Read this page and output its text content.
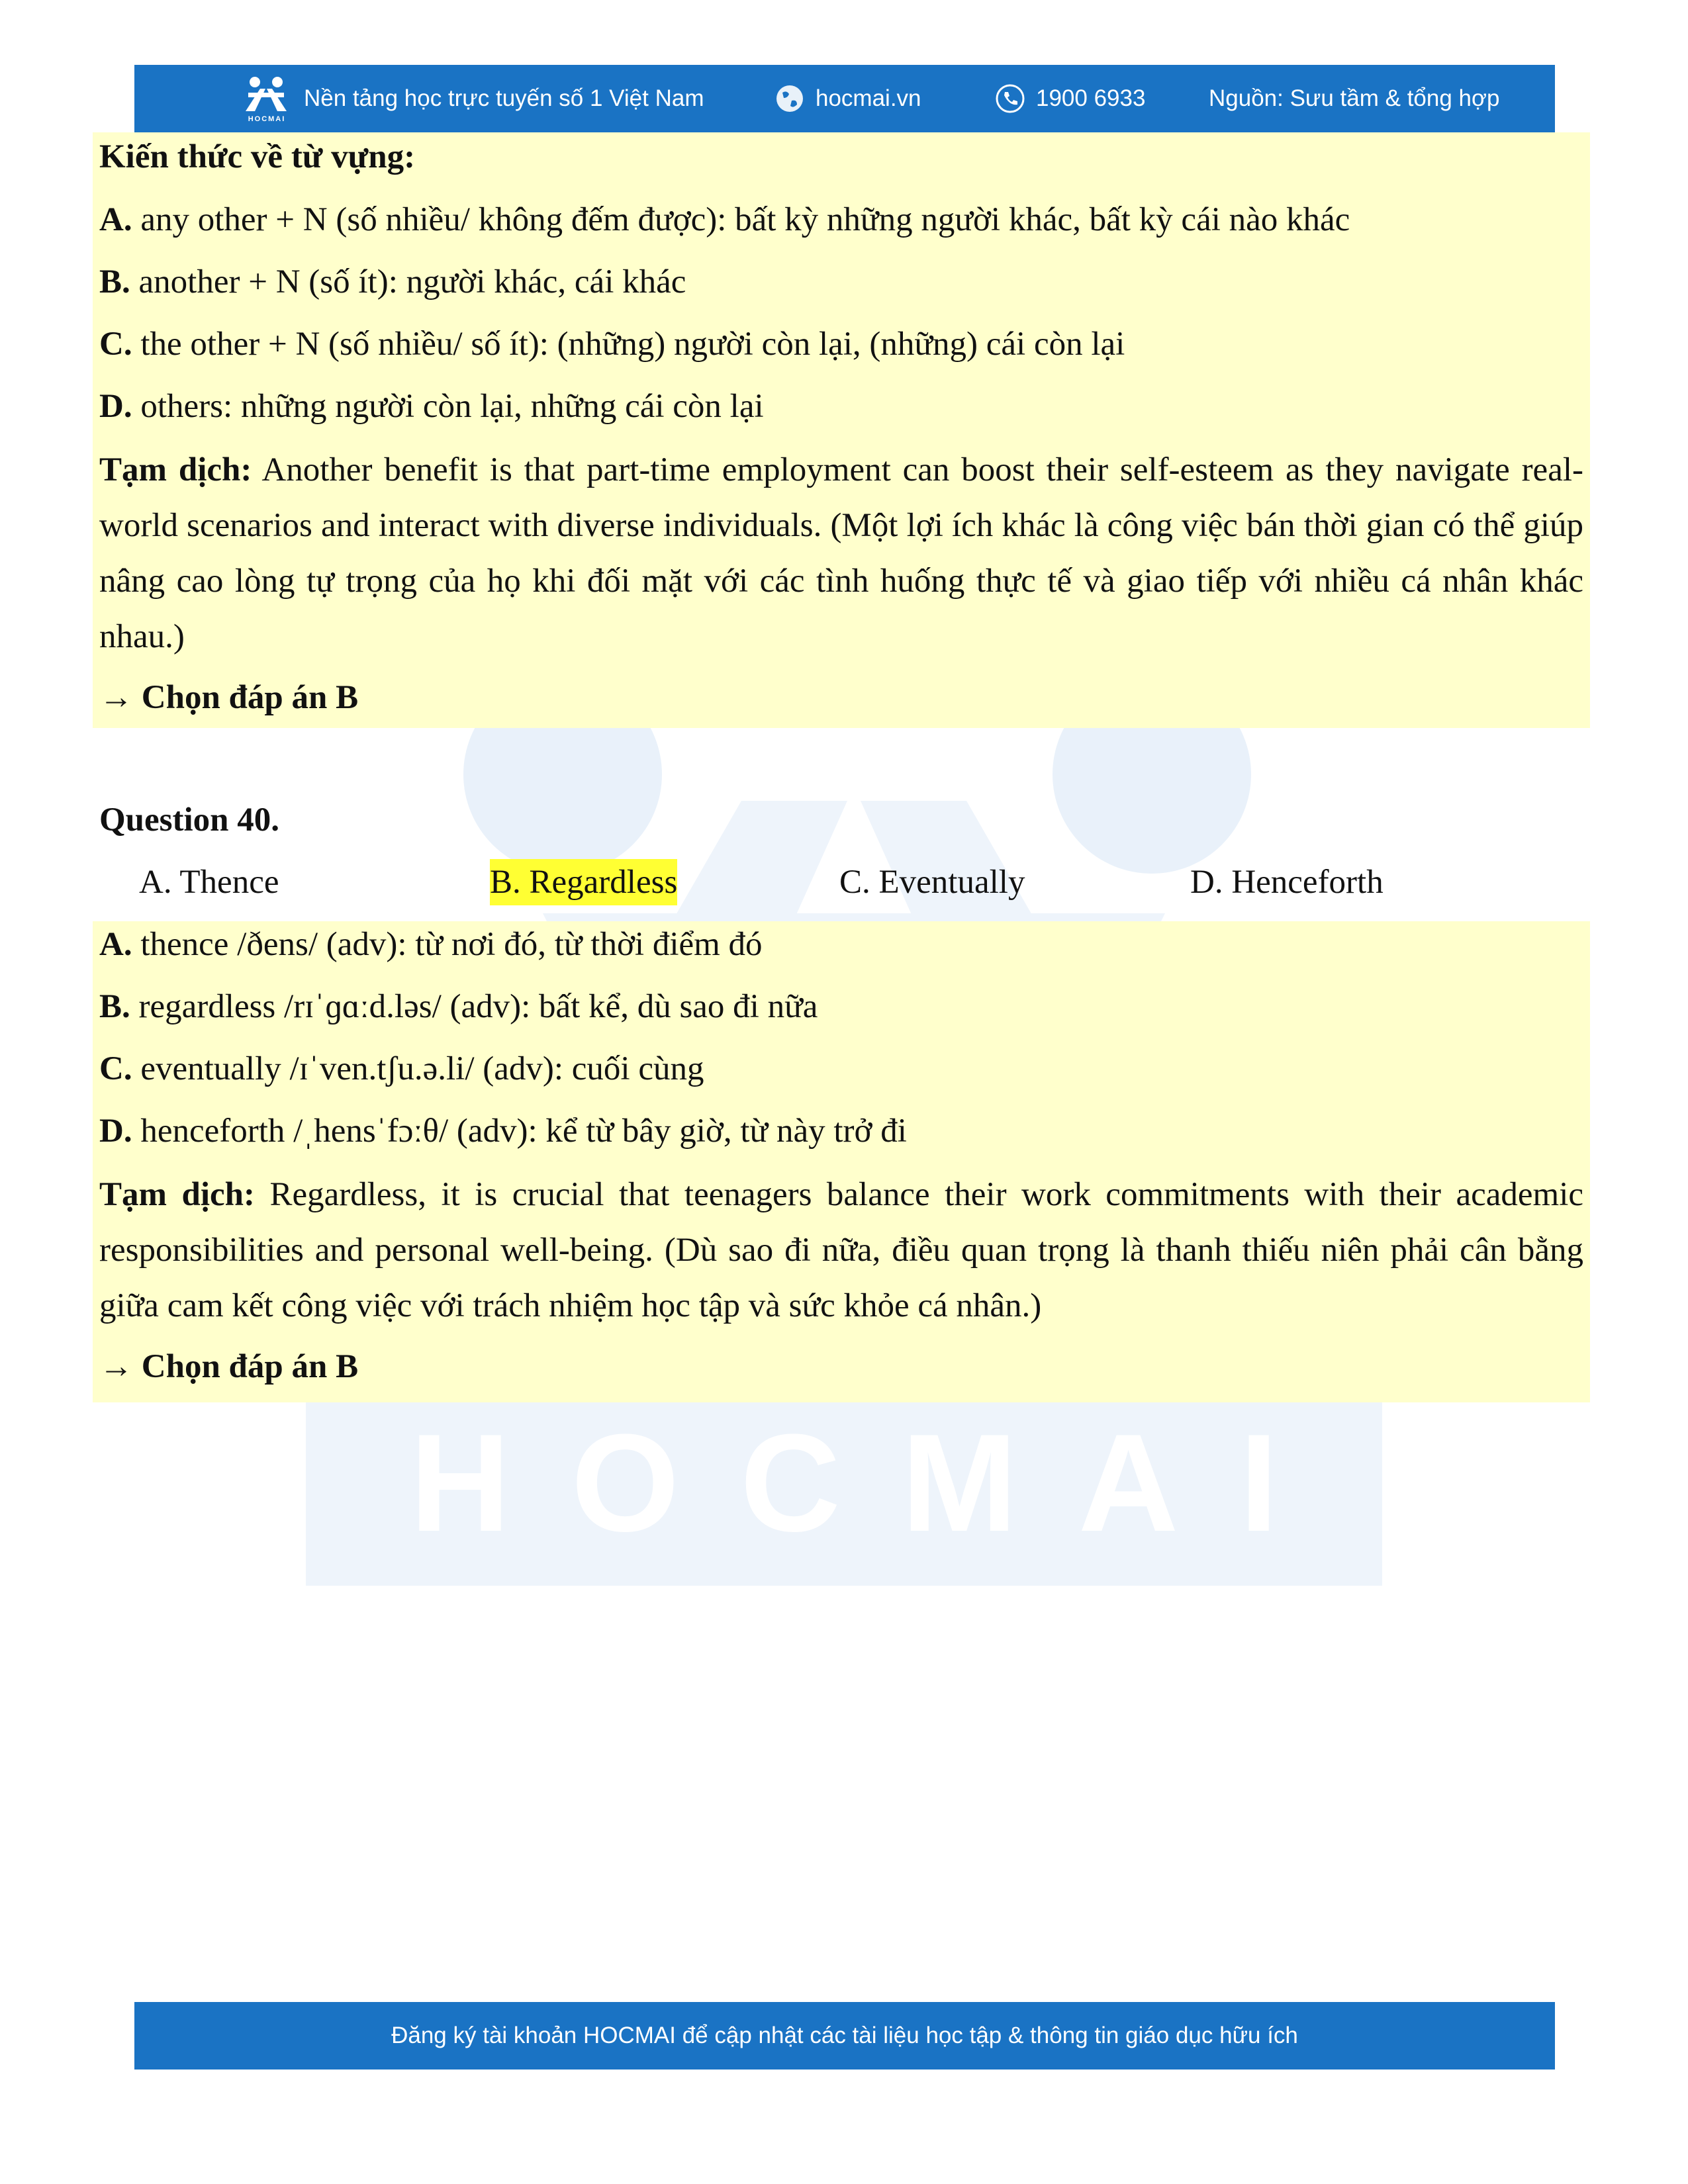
HOCMAI
HOCMAI
Nền tảng học trực tuyến số 1 Việt Nam	hocmai.vn	1900 6933	Nguồn: Sưu tầm & tổng hợp
Kiến thức về từ vựng:
A. any other + N (số nhiều/ không đếm được): bất kỳ những người khác, bất kỳ cái nào khác
B. another + N (số ít): người khác, cái khác
C. the other + N (số nhiều/ số ít): (những) người còn lại, (những) cái còn lại
D. others: những người còn lại, những cái còn lại
Tạm dịch: Another benefit is that part-time employment can boost their self-esteem as they navigate real-world scenarios and interact with diverse individuals. (Một lợi ích khác là công việc bán thời gian có thể giúp nâng cao lòng tự trọng của họ khi đối mặt với các tình huống thực tế và giao tiếp với nhiều cá nhân khác nhau.)
→ Chọn đáp án B
Question 40.
A. Thence	B. Regardless	C. Eventually	D. Henceforth
A. thence /ðens/ (adv): từ nơi đó, từ thời điểm đó
B. regardless /rɪˈɡɑːd.ləs/ (adv): bất kể, dù sao đi nữa
C. eventually /ɪˈven.tʃu.ə.li/ (adv): cuối cùng
D. henceforth /ˌhensˈfɔːθ/ (adv): kể từ bây giờ, từ này trở đi
Tạm dịch: Regardless, it is crucial that teenagers balance their work commitments with their academic responsibilities and personal well-being. (Dù sao đi nữa, điều quan trọng là thanh thiếu niên phải cân bằng giữa cam kết công việc với trách nhiệm học tập và sức khỏe cá nhân.)
→ Chọn đáp án B
Đăng ký tài khoản HOCMAI để cập nhật các tài liệu học tập & thông tin giáo dục hữu ích
